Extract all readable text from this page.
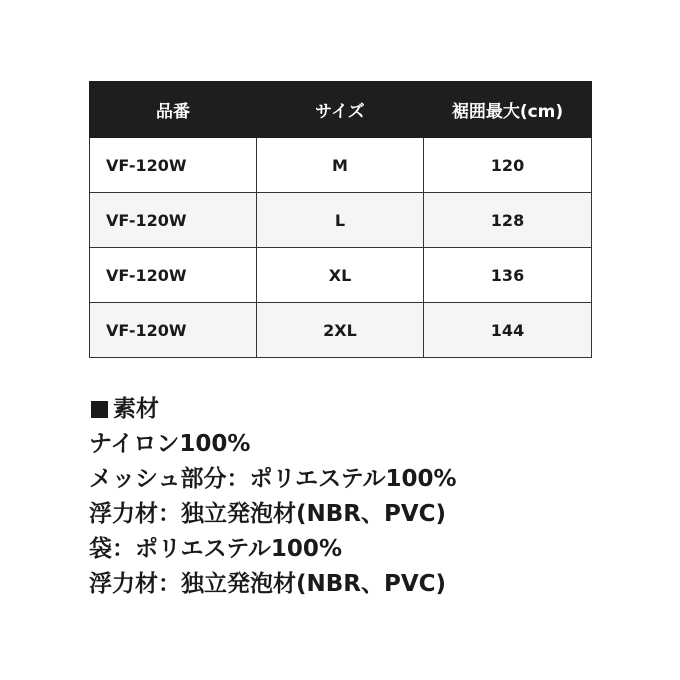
品番	サイズ	裾囲最大(cm)
VF-120W	M	120
VF-120W	L	128
VF-120W	XL	136
VF-120W	2XL	144
素材
ナイロン100%
メッシュ部分：ポリエステル100%
浮力材：独立発泡材(NBR、PVC)
袋：ポリエステル100%
浮力材：独立発泡材(NBR、PVC)
